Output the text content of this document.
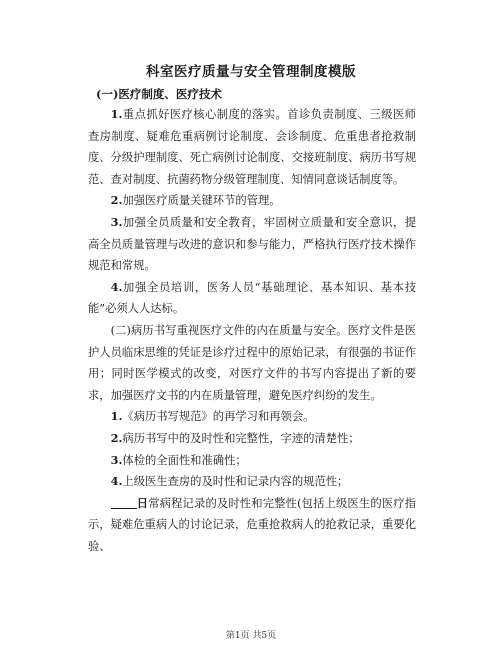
科室医疗质量与安全管理制度模版
(一)医疗制度、医疗技术

1.重点抓好医疗核心制度的落实。首诊负责制度、三级医师查房制度、疑难危重病例讨论制度、会诊制度、危重患者抢救制度、分级护理制度、死亡病例讨论制度、交接班制度、病历书写规范、查对制度、抗菌药物分级管理制度、知情同意谈话制度等。

2.加强医疗质量关键环节的管理。

3.加强全员质量和安全教育，牢固树立质量和安全意识，提高全员质量管理与改进的意识和参与能力，严格执行医疗技术操作规范和常规。

4.加强全员培训，医务人员“基础理论、基本知识、基本技能”必须人人达标。

(二)病历书写重视医疗文件的内在质量与安全。医疗文件是医护人员临床思维的凭证是诊疗过程中的原始记录，有很强的书证作用；同时医学模式的改变，对医疗文件的书写内容提出了新的要求，加强医疗文书的内在质量管理，避免医疗纠纷的发生。

1.《病历书写规范》的再学习和再领会。

2.病历书写中的及时性和完整性，字迹的清楚性；

3.体检的全面性和准确性；

4.上级医生查房的及时性和记录内容的规范性；

日常病程记录的及时性和完整性(包括上级医生的医疗指示，疑难危重病人的讨论记录，危重抢救病人的抢救记录，重要化验、

第1页 共5页
